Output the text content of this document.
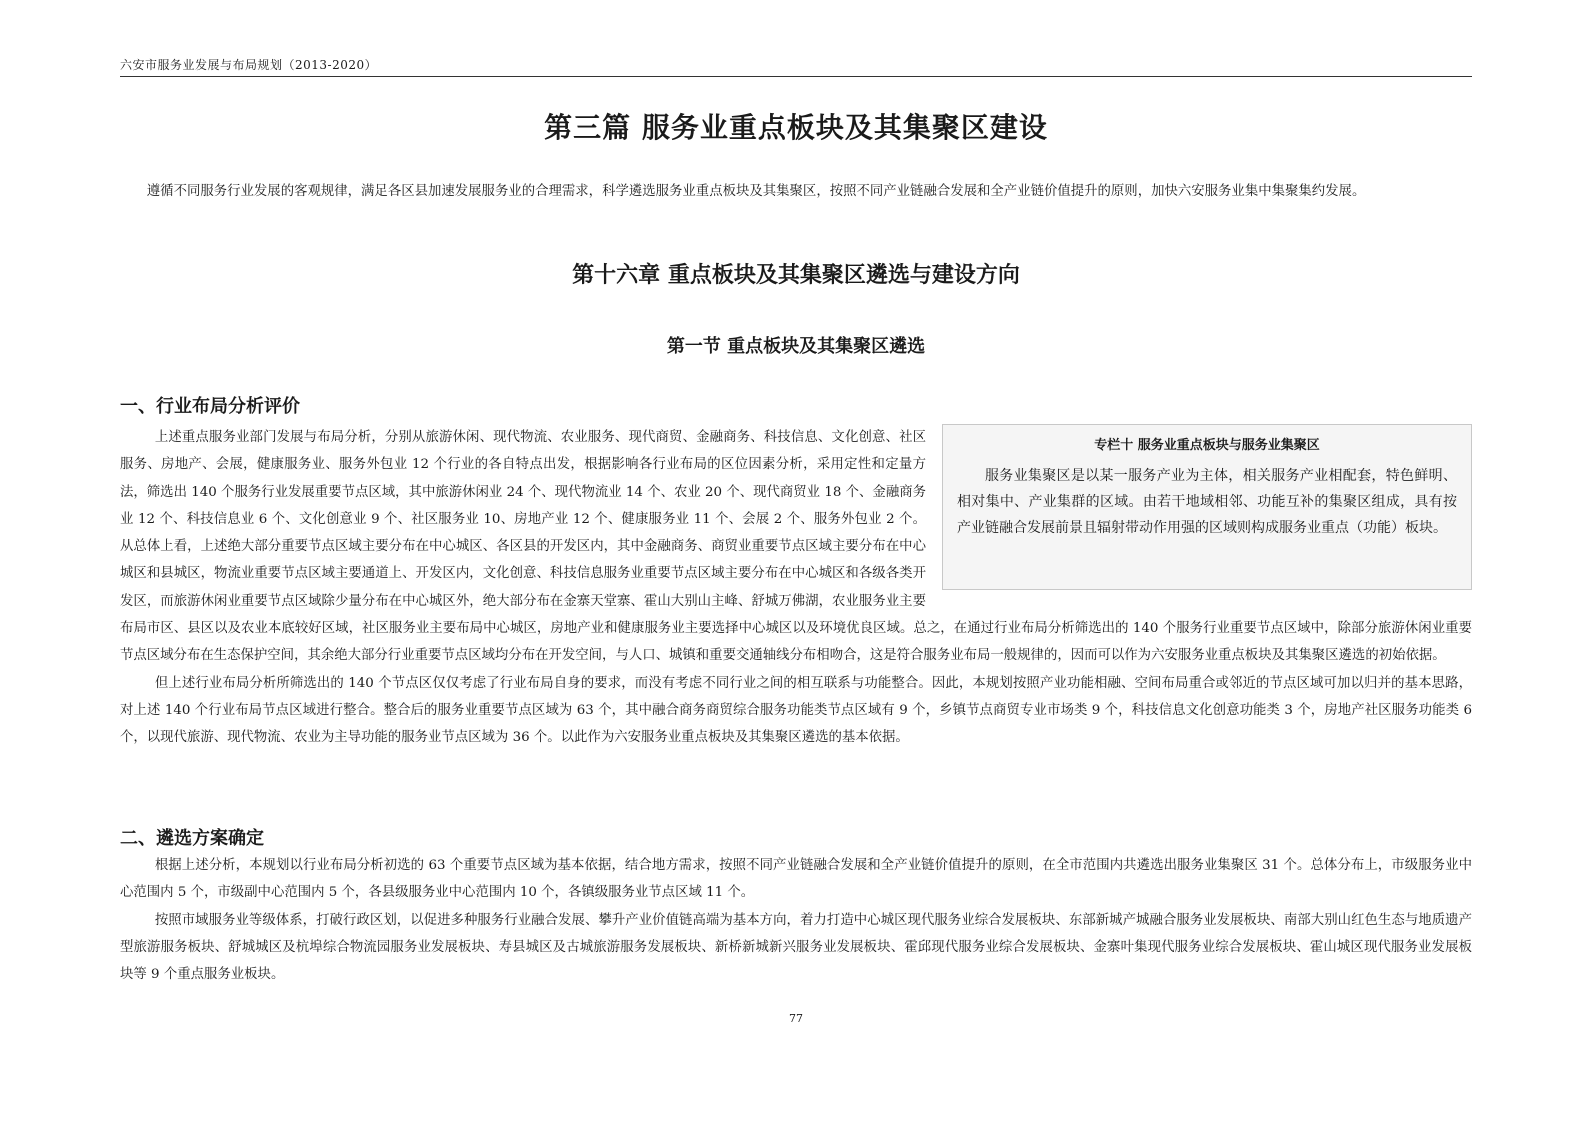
六安市服务业发展与布局规划（2013-2020）
第三篇 服务业重点板块及其集聚区建设
遵循不同服务行业发展的客观规律，满足各区县加速发展服务业的合理需求，科学遴选服务业重点板块及其集聚区，按照不同产业链融合发展和全产业链价值提升的原则，加快六安服务业集中集聚集约发展。
第十六章 重点板块及其集聚区遴选与建设方向
第一节 重点板块及其集聚区遴选
一、行业布局分析评价
专栏十 服务业重点板块与服务业集聚区
服务业集聚区是以某一服务产业为主体，相关服务产业相配套，特色鲜明、相对集中、产业集群的区域。由若干地域相邻、功能互补的集聚区组成，具有按产业链融合发展前景且辐射带动作用强的区域则构成服务业重点（功能）板块。

上述重点服务业部门发展与布局分析，分别从旅游休闲、现代物流、农业服务、现代商贸、金融商务、科技信息、文化创意、社区服务、房地产、会展，健康服务业、服务外包业 12 个行业的各自特点出发，根据影响各行业布局的区位因素分析，采用定性和定量方法，筛选出 140 个服务行业发展重要节点区域，其中旅游休闲业 24 个、现代物流业 14 个、农业 20 个、现代商贸业 18 个、金融商务业 12 个、科技信息业 6 个、文化创意业 9 个、社区服务业 10、房地产业 12 个、健康服务业 11 个、会展 2 个、服务外包业 2 个。从总体上看，上述绝大部分重要节点区域主要分布在中心城区、各区县的开发区内，其中金融商务、商贸业重要节点区域主要分布在中心城区和县城区，物流业重要节点区域主要通道上、开发区内，文化创意、科技信息服务业重要节点区域主要分布在中心城区和各级各类开发区，而旅游休闲业重要节点区域除少量分布在中心城区外，绝大部分布在金寨天堂寨、霍山大别山主峰、舒城万佛湖，农业服务业主要布局市区、县区以及农业本底较好区域，社区服务业主要布局中心城区，房地产业和健康服务业主要选择中心城区以及环境优良区域。总之，在通过行业布局分析筛选出的 140 个服务行业重要节点区域中，除部分旅游休闲业重要节点区域分布在生态保护空间，其余绝大部分行业重要节点区域均分布在开发空间，与人口、城镇和重要交通轴线分布相吻合，这是符合服务业布局一般规律的，因而可以作为六安服务业重点板块及其集聚区遴选的初始依据。

但上述行业布局分析所筛选出的 140 个节点区仅仅考虑了行业布局自身的要求，而没有考虑不同行业之间的相互联系与功能整合。因此，本规划按照产业功能相融、空间布局重合或邻近的节点区域可加以归并的基本思路，对上述 140 个行业布局节点区域进行整合。整合后的服务业重要节点区域为 63 个，其中融合商务商贸综合服务功能类节点区域有 9 个，乡镇节点商贸专业市场类 9 个，科技信息文化创意功能类 3 个，房地产社区服务功能类 6 个，以现代旅游、现代物流、农业为主导功能的服务业节点区域为 36 个。以此作为六安服务业重点板块及其集聚区遴选的基本依据。

二、遴选方案确定

根据上述分析，本规划以行业布局分析初选的 63 个重要节点区域为基本依据，结合地方需求，按照不同产业链融合发展和全产业链价值提升的原则，在全市范围内共遴选出服务业集聚区 31 个。总体分布上，市级服务业中心范围内 5 个，市级副中心范围内 5 个，各县级服务业中心范围内 10 个，各镇级服务业节点区域 11 个。

按照市域服务业等级体系，打破行政区划，以促进多种服务行业融合发展、攀升产业价值链高端为基本方向，着力打造中心城区现代服务业综合发展板块、东部新城产城融合服务业发展板块、南部大别山红色生态与地质遗产型旅游服务板块、舒城城区及杭埠综合物流园服务业发展板块、寿县城区及古城旅游服务发展板块、新桥新城新兴服务业发展板块、霍邱现代服务业综合发展板块、金寨叶集现代服务业综合发展板块、霍山城区现代服务业发展板块等 9 个重点服务业板块。

77
